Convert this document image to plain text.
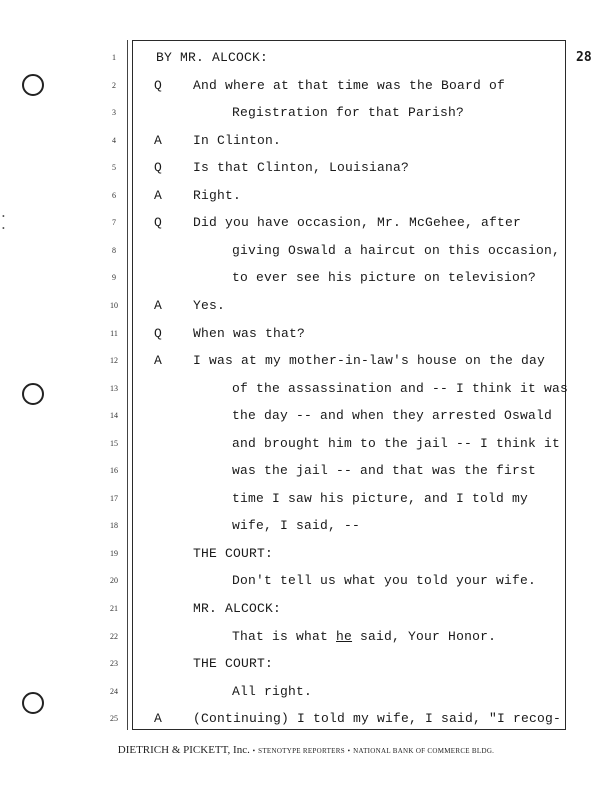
•
•
28
1	BY MR. ALCOCK:
2	Q And where at that time was the Board of
3	Registration for that Parish?
4	A In Clinton.
5	Q Is that Clinton, Louisiana?
6	A Right.
7	Q Did you have occasion, Mr. McGehee, after
8	giving Oswald a haircut on this occasion,
9	to ever see his picture on television?
10	A Yes.
11	Q When was that?
12	A I was at my mother-in-law's house on the day
13	of the assassination and -- I think it was
14	the day -- and when they arrested Oswald
15	and brought him to the jail -- I think it
16	was the jail -- and that was the first
17	time I saw his picture, and I told my
18	wife, I said, --
19	THE COURT:
20	Don't tell us what you told your wife.
21	MR. ALCOCK:
22	That is what he said, Your Honor.
23	THE COURT:
24	All right.
25	A (Continuing) I told my wife, I said, "I recog-
DIETRICH & PICKETT, Inc. • STENOTYPE REPORTERS • NATIONAL BANK OF COMMERCE BLDG.
